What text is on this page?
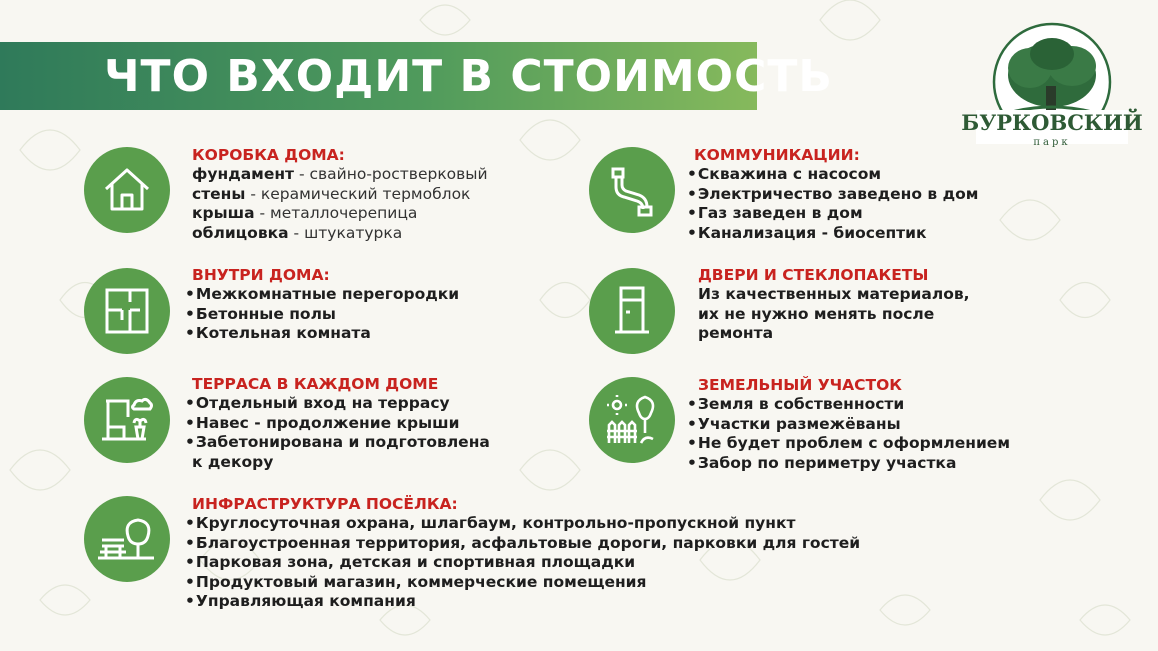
ЧТО ВХОДИТ В СТОИМОСТЬ
БУРКОВСКИЙ
парк
КОРОБКА ДОМА:
фундамент - свайно-ростверковый
стены - керамический термоблок
крыша - металлочерепица
облицовка - штукатурка
ВНУТРИ ДОМА:
• Межкомнатные перегородки
• Бетонные полы
• Котельная комната
ТЕРРАСА В КАЖДОМ ДОМЕ
• Отдельный вход на террасу
• Навес - продолжение крыши
• Забетонирована и подготовлена
к декору
ИНФРАСТРУКТУРА ПОСЁЛКА:
• Круглосуточная охрана, шлагбаум, контрольно-пропускной пункт
• Благоустроенная территория, асфальтовые дороги, парковки для гостей
• Парковая зона, детская и спортивная площадки
• Продуктовый магазин, коммерческие помещения
• Управляющая компания
КОММУНИКАЦИИ:
• Скважина с насосом
• Электричество заведено в дом
• Газ заведен в дом
• Канализация - биосептик
ДВЕРИ И СТЕКЛОПАКЕТЫ
Из качественных материалов,
их не нужно менять после
ремонта
ЗЕМЕЛЬНЫЙ УЧАСТОК
• Земля в собственности
• Участки размежёваны
• Не будет проблем с оформлением
• Забор по периметру участка
